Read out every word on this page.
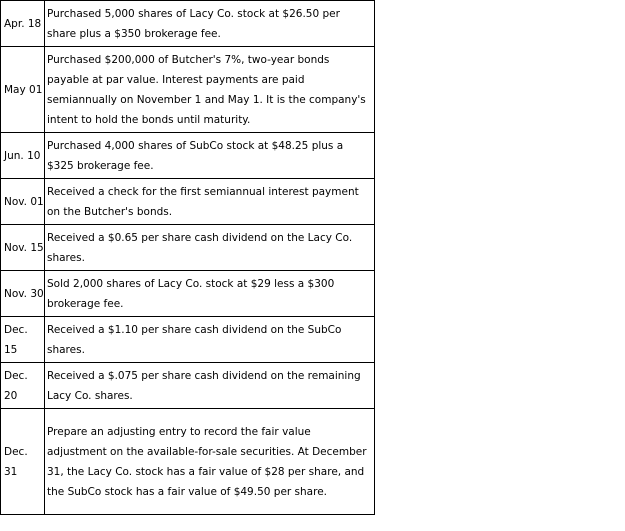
Apr. 18	Purchased 5,000 shares of Lacy Co. stock at $26.50 per share plus a $350 brokerage fee.
May 01	Purchased $200,000 of Butcher's 7%, two-year bonds payable at par value. Interest payments are paid semiannually on November 1 and May 1. It is the company's intent to hold the bonds until maturity.
Jun. 10	Purchased 4,000 shares of SubCo stock at $48.25 plus a $325 brokerage fee.
Nov. 01	Received a check for the first semiannual interest payment on the Butcher's bonds.
Nov. 15	Received a $0.65 per share cash dividend on the Lacy Co. shares.
Nov. 30	Sold 2,000 shares of Lacy Co. stock at $29 less a $300 brokerage fee.
Dec. 15	Received a $1.10 per share cash dividend on the SubCo shares.
Dec. 20	Received a $.075 per share cash dividend on the remaining Lacy Co. shares.
Dec. 31	Prepare an adjusting entry to record the fair value adjustment on the available-for-sale securities. At December 31, the Lacy Co. stock has a fair value of $28 per share, and the SubCo stock has a fair value of $49.50 per share.
